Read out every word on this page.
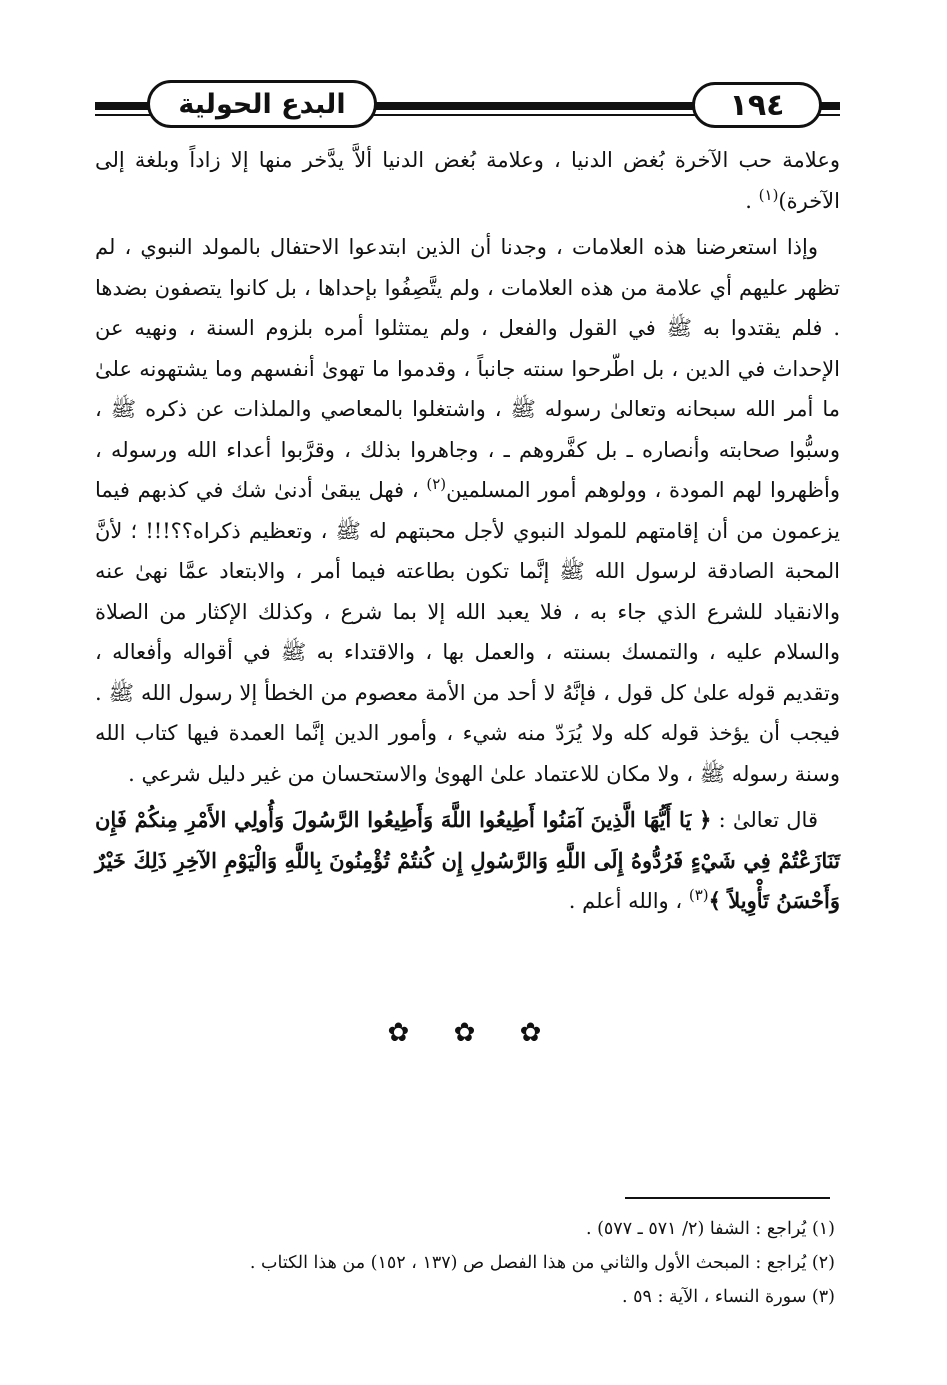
١٩٤
البدع الحولية

وعلامة حب الآخرة بُغض الدنيا ، وعلامة بُغض الدنيا ألاَّ يدَّخر منها إلا زاداً وبلغة إلى الآخرة)$^{(١)}$ .

وإذا استعرضنا هذه العلامات ، وجدنا أن الذين ابتدعوا الاحتفال بالمولد النبوي ، لم تظهر عليهم أي علامة من هذه العلامات ، ولم يتَّصِفُوا بإحداها ، بل كانوا يتصفون بضدها . فلم يقتدوا به ﷺ في القول والفعل ، ولم يمتثلوا أمره بلزوم السنة ، ونهيه عن الإحداث في الدين ، بل اطّرحوا سنته جانباً ، وقدموا ما تهوىٰ أنفسهم وما يشتهونه علىٰ ما أمر الله سبحانه وتعالىٰ رسوله ﷺ ، واشتغلوا بالمعاصي والملذات عن ذكره ﷺ ، وسبُّوا صحابته وأنصاره ـ بل كفَّروهم ـ ، وجاهروا بذلك ، وقرَّبوا أعداء الله ورسوله ، وأظهروا لهم المودة ، وولوهم أمور المسلمين$^{(٢)}$ ، فهل يبقىٰ أدنىٰ شك في كذبهم فيما يزعمون من أن إقامتهم للمولد النبوي لأجل محبتهم له ﷺ ، وتعظيم ذكراه؟؟!!! ؛ لأنَّ المحبة الصادقة لرسول الله ﷺ إنَّما تكون بطاعته فيما أمر ، والابتعاد عمَّا نهىٰ عنه والانقياد للشرع الذي جاء به ، فلا يعبد الله إلا بما شرع ، وكذلك الإكثار من الصلاة والسلام عليه ، والتمسك بسنته ، والعمل بها ، والاقتداء به ﷺ في أقواله وأفعاله ، وتقديم قوله علىٰ كل قول ، فإنَّهُ لا أحد من الأمة معصوم من الخطأ إلا رسول الله ﷺ . فيجب أن يؤخذ قوله كله ولا يُرَدّ منه شيء ، وأمور الدين إنَّما العمدة فيها كتاب الله وسنة رسوله ﷺ ، ولا مكان للاعتماد علىٰ الهوىٰ والاستحسان من غير دليل شرعي .

قال تعالىٰ : ﴿ يَا أَيُّهَا الَّذِينَ آمَنُوا أَطِيعُوا اللَّهَ وَأَطِيعُوا الرَّسُولَ وَأُولِي الأَمْرِ مِنكُمْ فَإِن تَنَازَعْتُمْ فِي شَيْءٍ فَرُدُّوهُ إِلَى اللَّهِ وَالرَّسُولِ إِن كُنتُمْ تُؤْمِنُونَ بِاللَّهِ وَالْيَوْمِ الآخِرِ ذَلِكَ خَيْرٌ وَأَحْسَنُ تَأْوِيلاً ﴾$^{(٣)}$ ، والله أعلم .

✿ ✿ ✿

(١) يُراجع : الشفا (٢/ ٥٧١ ـ ٥٧٧) .

(٢) يُراجع : المبحث الأول والثاني من هذا الفصل ص (١٣٧ ، ١٥٢) من هذا الكتاب .

(٣) سورة النساء ، الآية : ٥٩ .
